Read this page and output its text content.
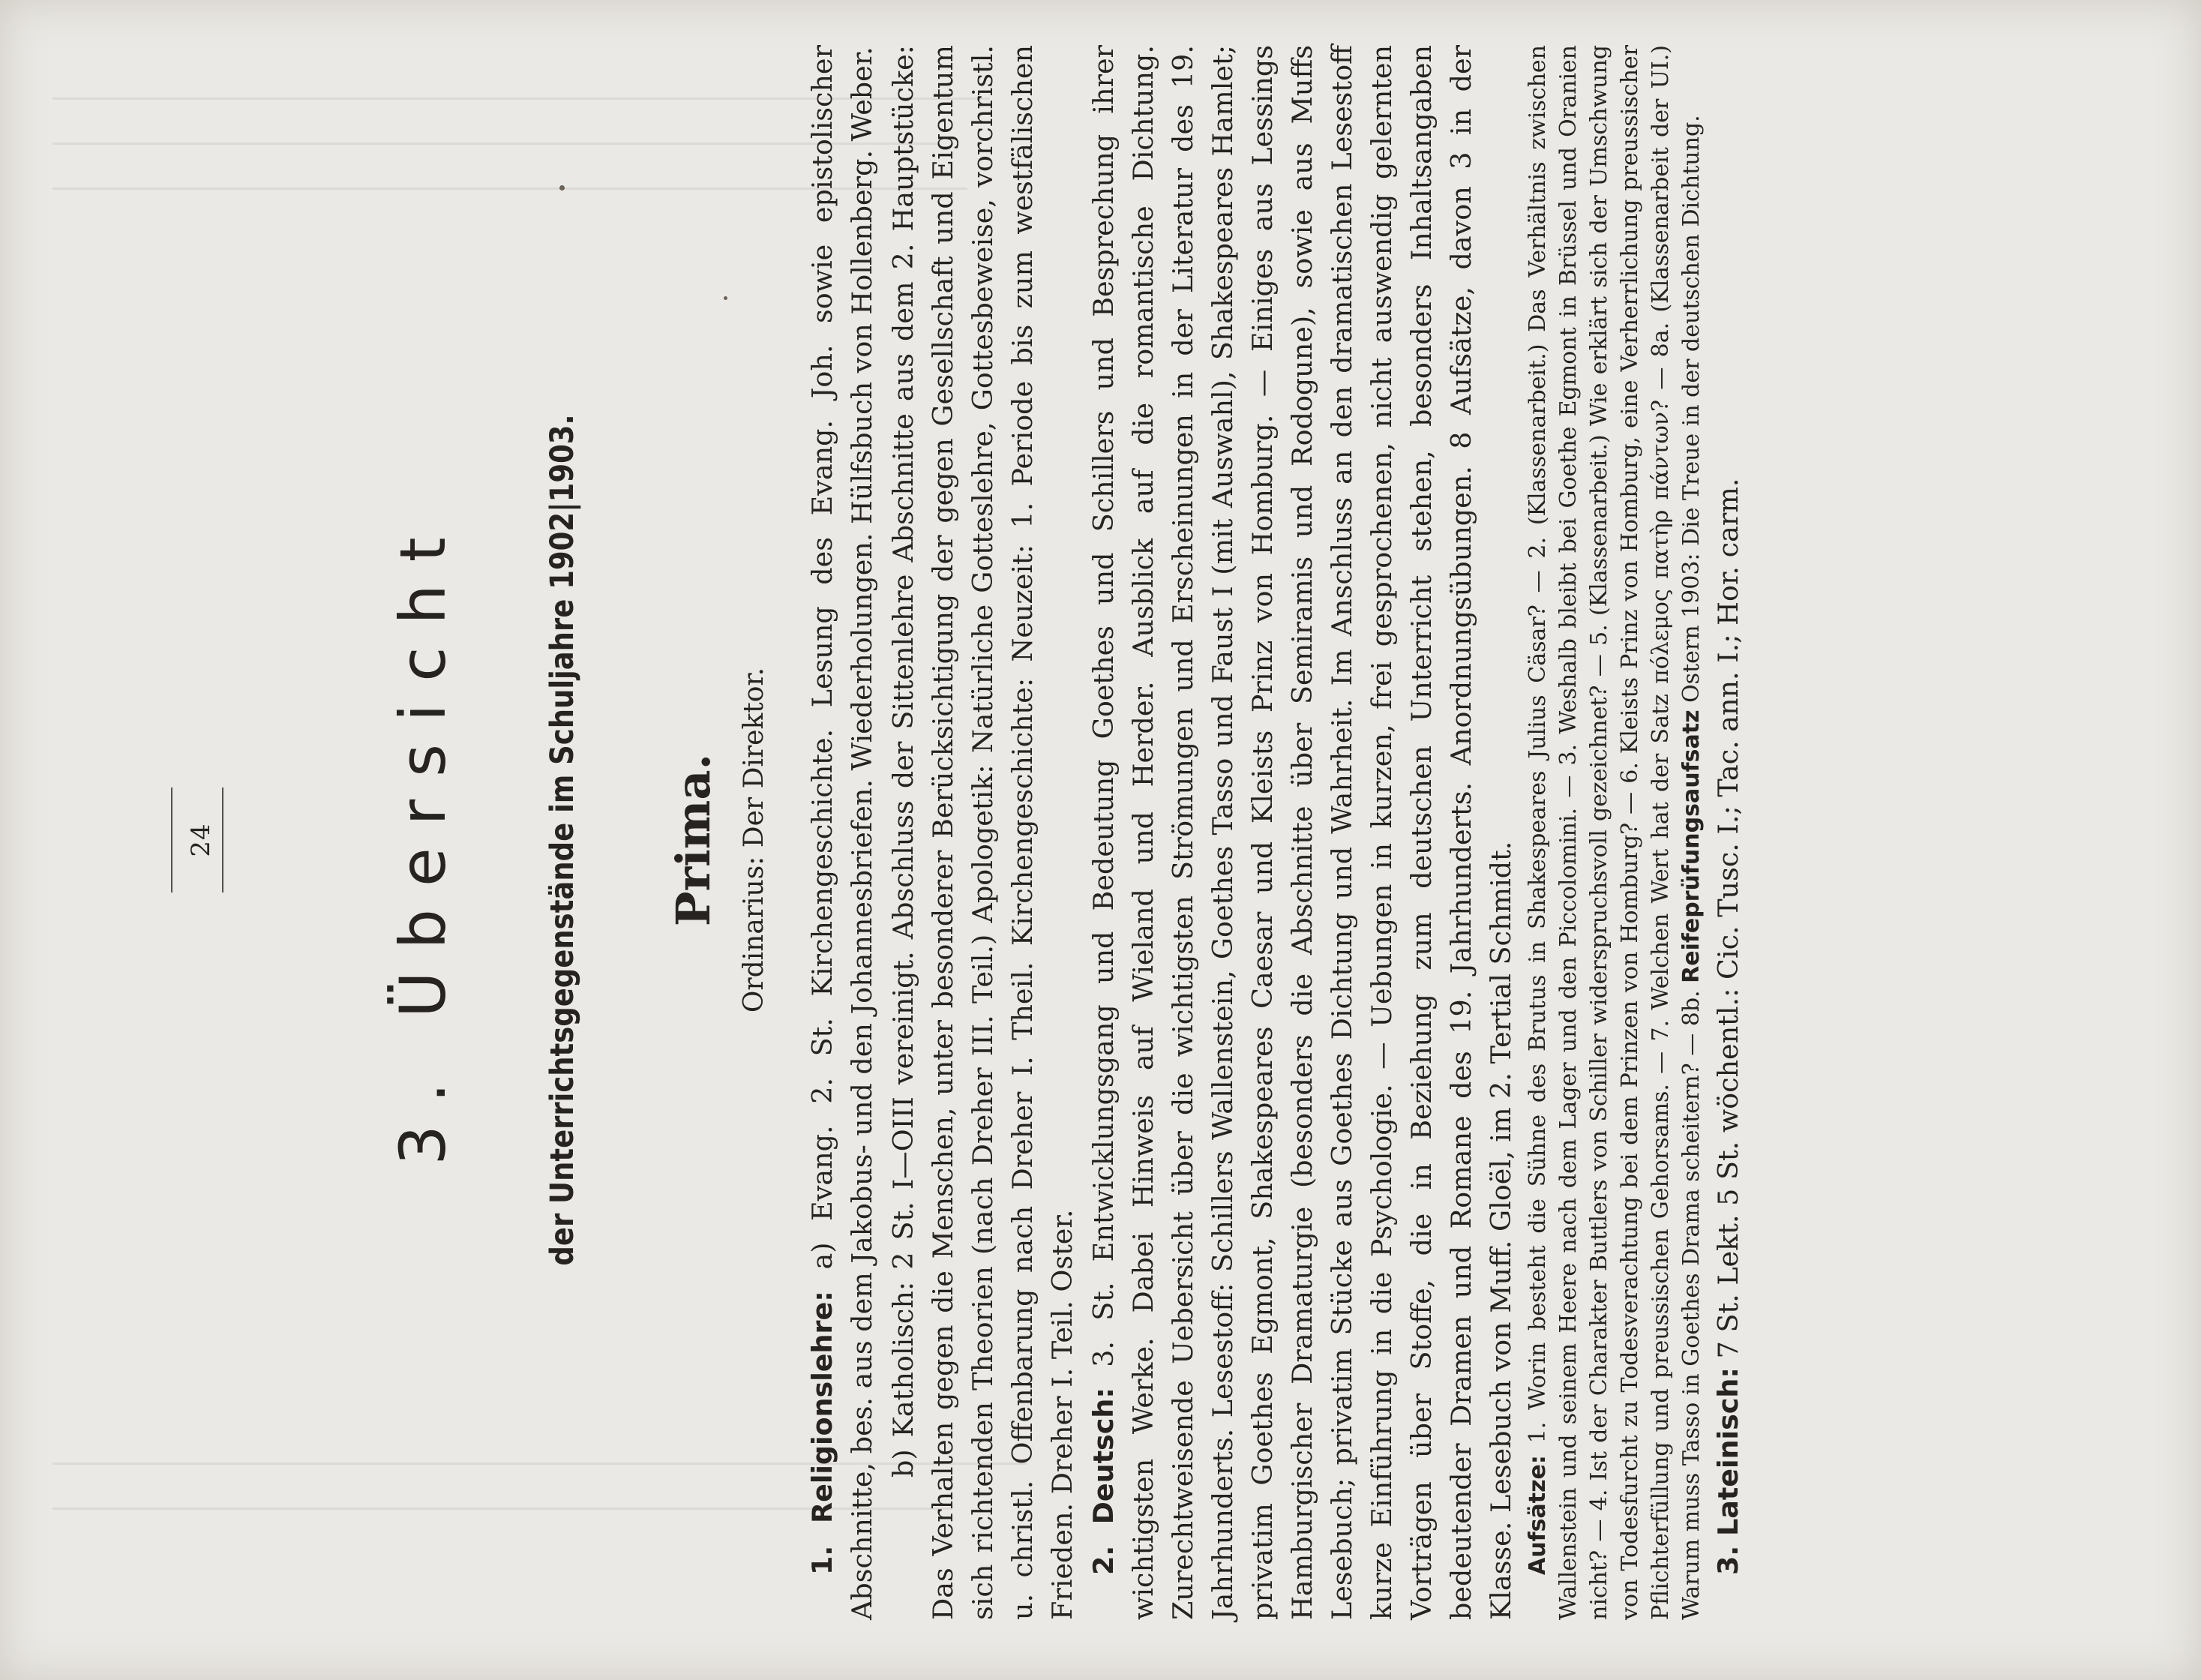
24	3. Übersicht	der Unterrichtsgegenstände im Schuljahre 1902|1903. Prima. Ordinarius: Der Direktor.

1. Religionslehre: a) Evang. 2. St. Kirchengeschichte. Lesung des Evang. Joh. sowie epistolischer Abschnitte, bes. aus dem Jakobus- und den Johannesbriefen. Wiederholungen. Hülfsbuch von Hollenberg. Weber. b) Katholisch: 2 St. I—OIII vereinigt. Abschluss der Sittenlehre Abschnitte aus dem 2. Hauptstücke: Das Verhalten gegen die Menschen, unter besonderer Berücksichtigung der gegen Gesellschaft und Eigentum sich richtenden Theorien (nach Dreher III. Teil.) Apologetik: Natürliche Gotteslehre, Gottesbeweise, vorchristl. u. christl. Offenbarung nach Dreher I. Theil. Kirchengeschichte: Neuzeit: 1. Periode bis zum westfälischen Frieden. Dreher I. Teil. Oster. 2. Deutsch: 3. St. Entwicklungsgang und Bedeutung Goethes und Schillers und Besprechung ihrer wichtigsten Werke. Dabei Hinweis auf Wieland und Herder. Ausblick auf die romantische Dichtung. Zurechtweisende Uebersicht über die wichtigsten Strömungen und Erscheinungen in der Literatur des 19. Jahrhunderts. Lesestoff: Schillers Wallenstein, Goethes Tasso und Faust I (mit Auswahl), Shakespeares Hamlet; privatim Goethes Egmont, Shakespeares Caesar und Kleists Prinz von Homburg. — Einiges aus Lessings Hamburgischer Dramaturgie (besonders die Abschnitte über Semiramis und Rodogune), sowie aus Muffs Lesebuch; privatim Stücke aus Goethes Dichtung und Wahrheit. Im Anschluss an den dramatischen Lesestoff kurze Einführung in die Psychologie. — Uebungen in kurzen, frei gesprochenen, nicht auswendig gelernten Vorträgen über Stoffe, die in Beziehung zum deutschen Unterricht stehen, besonders Inhaltsangaben bedeutender Dramen und Romane des 19. Jahrhunderts. Anordnungsübungen. 8 Aufsätze, davon 3 in der Klasse. Lesebuch von Muff. Gloël, im 2. Tertial Schmidt. Aufsätze: 1. Worin besteht die Sühne des Brutus in Shakespeares Julius Cäsar? — 2. (Klassenarbeit.) Das Verhältnis zwischen Wallenstein und seinem Heere nach dem Lager und den Piccolomini. — 3. Weshalb bleibt bei Goethe Egmont in Brüssel und Oranien nicht? — 4. Ist der Charakter Buttlers von Schiller widerspruchsvoll gezeichnet? — 5. (Klassenarbeit.) Wie erklärt sich der Umschwung von Todesfurcht zu Todesverachtung bei dem Prinzen von Homburg? — 6. Kleists Prinz von Homburg, eine Verherrlichung preussischer Pflichterfüllung und preussischen Gehorsams. — 7. Welchen Wert hat der Satz πόλεμος πατὴρ πάντων? — 8a. (Klassenarbeit der UI.) Warum muss Tasso in Goethes Drama scheitern? — 8b. Reifeprüfungsaufsatz Ostern 1903: Die Treue in der deutschen Dichtung.

3. Lateinisch: 7 St. Lekt. 5 St. wöchentl.: Cic. Tusc. I.; Tac. ann. I.; Hor. carm.
